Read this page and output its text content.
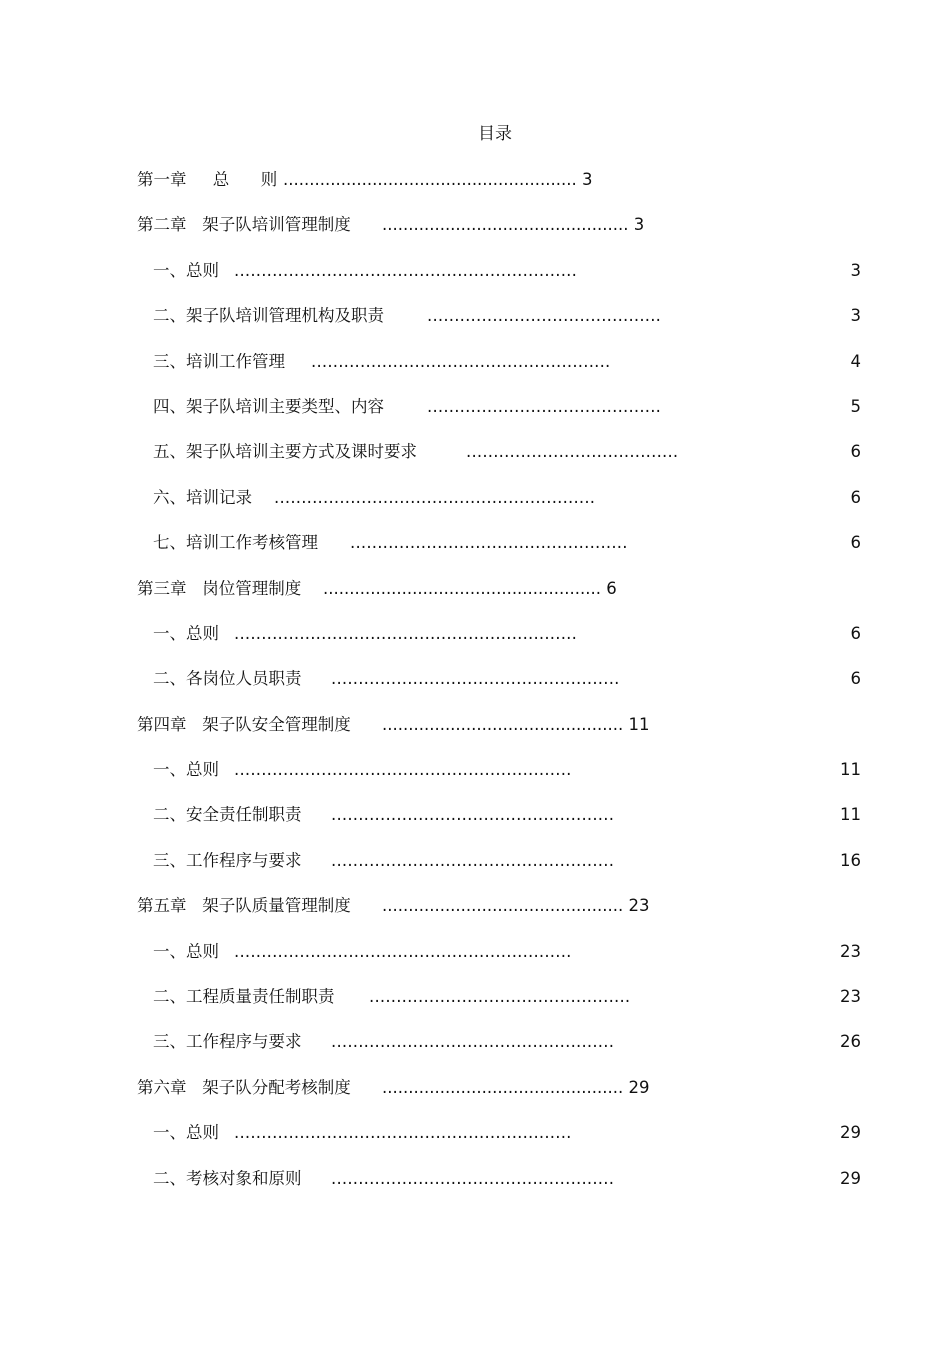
目录
第一章     总      则 ........................................................ 3
第二章   架子队培训管理制度 ............................................... 3
一、总则 ...............................................................	3
二、架子队培训管理机构及职责	...........................................	3
三、培训工作管理 .......................................................	4
四、架子队培训主要类型、内容	...........................................	5
五、架子队培训主要方式及课时要求	.......................................	6
六、培训记录 ...........................................................	6
七、培训工作考核管理 ...................................................	6
第三章   岗位管理制度 ..................................................... 6
一、总则 ...............................................................	6
二、各岗位人员职责 .....................................................	6
第四章   架子队安全管理制度 .............................................. 11
一、总则 ..............................................................	11
二、安全责任制职责 ....................................................	11
三、工作程序与要求 ....................................................	16
第五章   架子队质量管理制度 .............................................. 23
一、总则 ..............................................................	23
二、工程质量责任制职责 ................................................	23
三、工作程序与要求 ....................................................	26
第六章   架子队分配考核制度 .............................................. 29
一、总则 ..............................................................	29
二、考核对象和原则 ....................................................	29
